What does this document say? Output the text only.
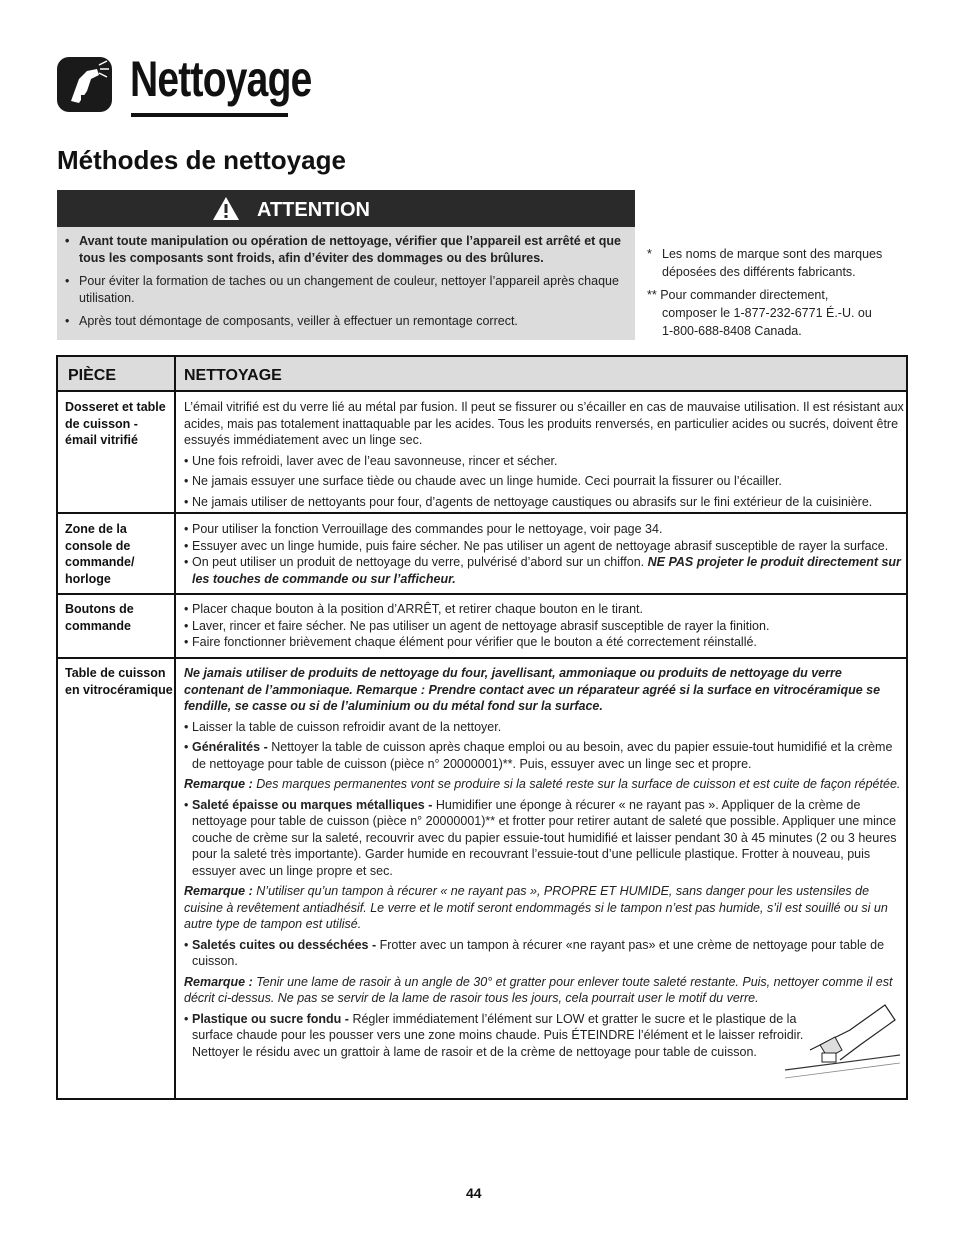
Nettoyage
Méthodes de nettoyage
ATTENTION
• Avant toute manipulation ou opération de nettoyage, vérifier que l’appareil est arrêté et que tous les composants sont froids, afin d’éviter des dommages ou des brûlures.
• Pour éviter la formation de taches ou un changement de couleur, nettoyer l’appareil après chaque utilisation.
• Après tout démontage de composants, veiller à effectuer un remontage correct.
* Les noms de marque sont des marques déposées des différents fabricants.
** Pour commander directement,
composer le 1-877-232-6771 É.-U. ou
1-800-688-8408 Canada.
PIÈCE	NETTOYAGE
Dosseret et table de cuisson - émail vitrifié

L’émail vitrifié est du verre lié au métal par fusion. Il peut se fissurer ou s’écailler en cas de mauvaise utilisation. Il est résistant aux acides, mais pas totalement inattaquable par les acides. Tous les produits renversés, en particulier acides ou sucrés, doivent être essuyés immédiatement avec un linge sec.

• Une fois refroidi, laver avec de l’eau savonneuse, rincer et sécher.

• Ne jamais essuyer une surface tiède ou chaude avec un linge humide. Ceci pourrait la fissurer ou l’écailler.

• Ne jamais utiliser de nettoyants pour four, d’agents de nettoyage caustiques ou abrasifs sur le fini extérieur de la cuisinière.

Zone de la console de commande/ horloge

• Pour utiliser la fonction Verrouillage des commandes pour le nettoyage, voir page 34.

• Essuyer avec un linge humide, puis faire sécher. Ne pas utiliser un agent de nettoyage abrasif susceptible de rayer la surface.

• On peut utiliser un produit de nettoyage du verre, pulvérisé d’abord sur un chiffon. NE PAS projeter le produit directement sur les touches de commande ou sur l’afficheur.

Boutons de commande

• Placer chaque bouton à la position d’ARRÊT, et retirer chaque bouton en le tirant.

• Laver, rincer et faire sécher. Ne pas utiliser un agent de nettoyage abrasif susceptible de rayer la finition.

• Faire fonctionner brièvement chaque élément pour vérifier que le bouton a été correctement réinstallé.

Table de cuisson en vitrocéramique

Ne jamais utiliser de produits de nettoyage du four, javellisant, ammoniaque ou produits de nettoyage du verre contenant de l’ammoniaque. Remarque : Prendre contact avec un réparateur agréé si la surface en vitrocéramique se fendille, se casse ou si de l’aluminium ou du métal fond sur la surface.

• Laisser la table de cuisson refroidir avant de la nettoyer.

• Généralités - Nettoyer la table de cuisson après chaque emploi ou au besoin, avec du papier essuie-tout humidifié et la crème de nettoyage pour table de cuisson (pièce n° 20000001)**. Puis, essuyer avec un linge sec et propre.

Remarque : Des marques permanentes vont se produire si la saleté reste sur la surface de cuisson et est cuite de façon répétée.

• Saleté épaisse ou marques métalliques - Humidifier une éponge à récurer « ne rayant pas ». Appliquer de la crème de nettoyage pour table de cuisson (pièce n° 20000001)** et frotter pour retirer autant de saleté que possible. Appliquer une mince couche de crème sur la saleté, recouvrir avec du papier essuie-tout humidifié et laisser pendant 30 à 45 minutes (2 ou 3 heures pour la saleté très importante). Garder humide en recouvrant l’essuie-tout d’une pellicule plastique. Frotter à nouveau, puis essuyer avec un linge propre et sec.

Remarque : N’utiliser qu’un tampon à récurer « ne rayant pas », PROPRE ET HUMIDE, sans danger pour les ustensiles de cuisine à revêtement antiadhésif. Le verre et le motif seront endommagés si le tampon n’est pas humide, s’il est souillé ou si un autre type de tampon est utilisé.

• Saletés cuites ou desséchées - Frotter avec un tampon à récurer «ne rayant pas» et une crème de nettoyage pour table de cuisson.

Remarque : Tenir une lame de rasoir à un angle de 30° et gratter pour enlever toute saleté restante. Puis, nettoyer comme il est décrit ci-dessus. Ne pas se servir de la lame de rasoir tous les jours, cela pourrait user le motif du verre.

• Plastique ou sucre fondu - Régler immédiatement l’élément sur LOW et gratter le sucre et le plastique de la surface chaude pour les pousser vers une zone moins chaude. Puis ÉTEINDRE l’élément et le laisser refroidir. Nettoyer le résidu avec un grattoir à lame de rasoir et de la crème de nettoyage pour table de cuisson.

44
